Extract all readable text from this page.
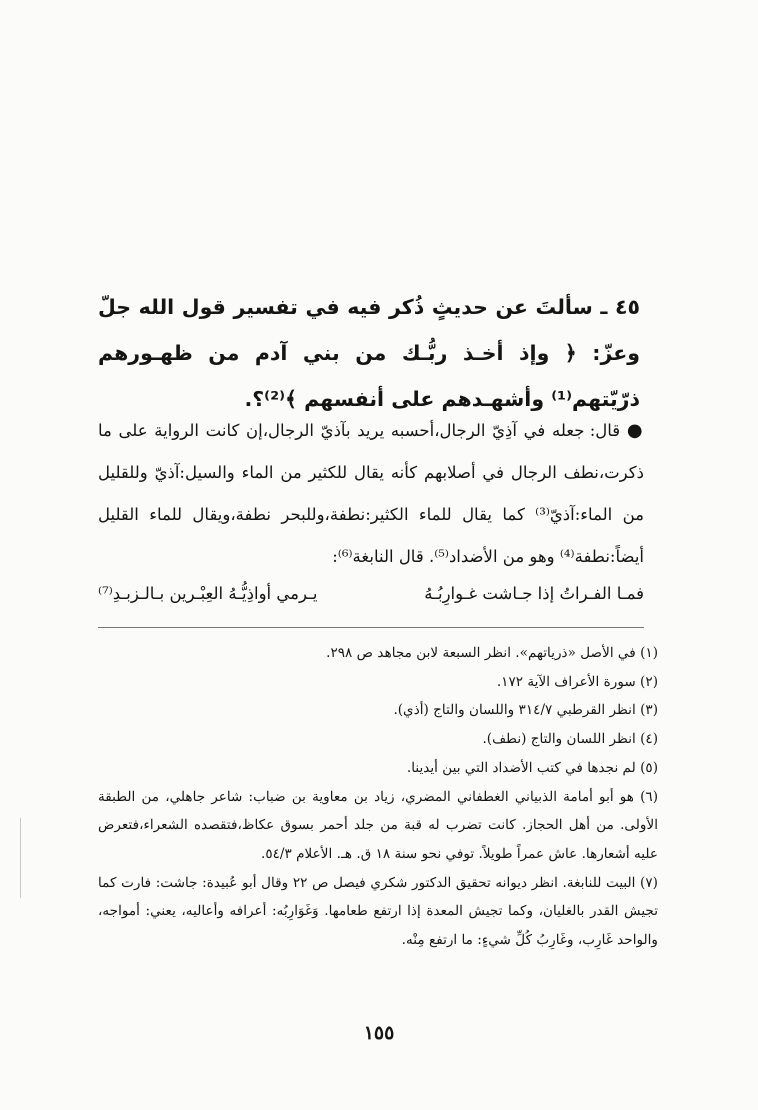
٤٥ ـ سألتَ عن حديثٍ ذُكر فيه في تفسير قول الله جلّ وعزّ: ﴿ وإذ أخـذ ربُّـك من بني آدم من ظهـورهم ذرّيّتهم⁽¹⁾ وأشهـدهم على أنفسهم ﴾⁽²⁾؟.
● قال: جعله في آذِيّ الرجال،أحسبه يريد بآذيّ الرجال،إن كانت الرواية على ما ذكرت،نطف الرجال في أصلابهم كأنه يقال للكثير من الماء والسيل:آذيّ وللقليل من الماء:آذيّ⁽³⁾ كما يقال للماء الكثير:نطفة،وللبحر نطفة،ويقال للماء القليل أيضاً:نطفة⁽⁴⁾ وهو من الأضداد⁽⁵⁾. قال النابغة⁽⁶⁾:
فمـا الفـراتُ إذا جـاشت غـوارِبُـهُ
يـرمي أواذِيُّـهُ العِبْـرين بـالـزبـدِ⁽⁷⁾
(١) في الأصل «ذرياتهم». انظر السبعة لابن مجاهد ص ٢٩٨.
(٢) سورة الأعراف الآية ١٧٢.
(٣) انظر القرطبي ٣١٤/٧ واللسان والتاج (أذي).
(٤) انظر اللسان والتاج (نطف).
(٥) لم نجدها في كتب الأضداد التي بين أيدينا.
(٦) هو أبو أمامة الذبياني الغطفاني المضري، زياد بن معاوية بن ضباب: شاعر جاهلي، من الطبقة الأولى. من أهل الحجاز. كانت تضرب له قبة من جلد أحمر بسوق عكاظ،فتقصده الشعراء،فتعرض عليه أشعارها. عاش عمراً طويلاً. توفي نحو سنة ١٨ ق. هـ. الأعلام ٥٤/٣.
(٧) البيت للنابغة. انظر ديوانه تحقيق الدكتور شكري فيصل ص ٢٢ وقال أبو عُبيدة: جاشت: فارت كما تجيش القدر بالغليان، وكما تجيش المعدة إذا ارتفع طعامها. وَغَوَارِبُه: أعرافه وأعاليه، يعني: أمواجه، والواحد غَارِب، وغَارِبُ كُلِّ شيءٍ: ما ارتفع مِنْه.
١٥٥
